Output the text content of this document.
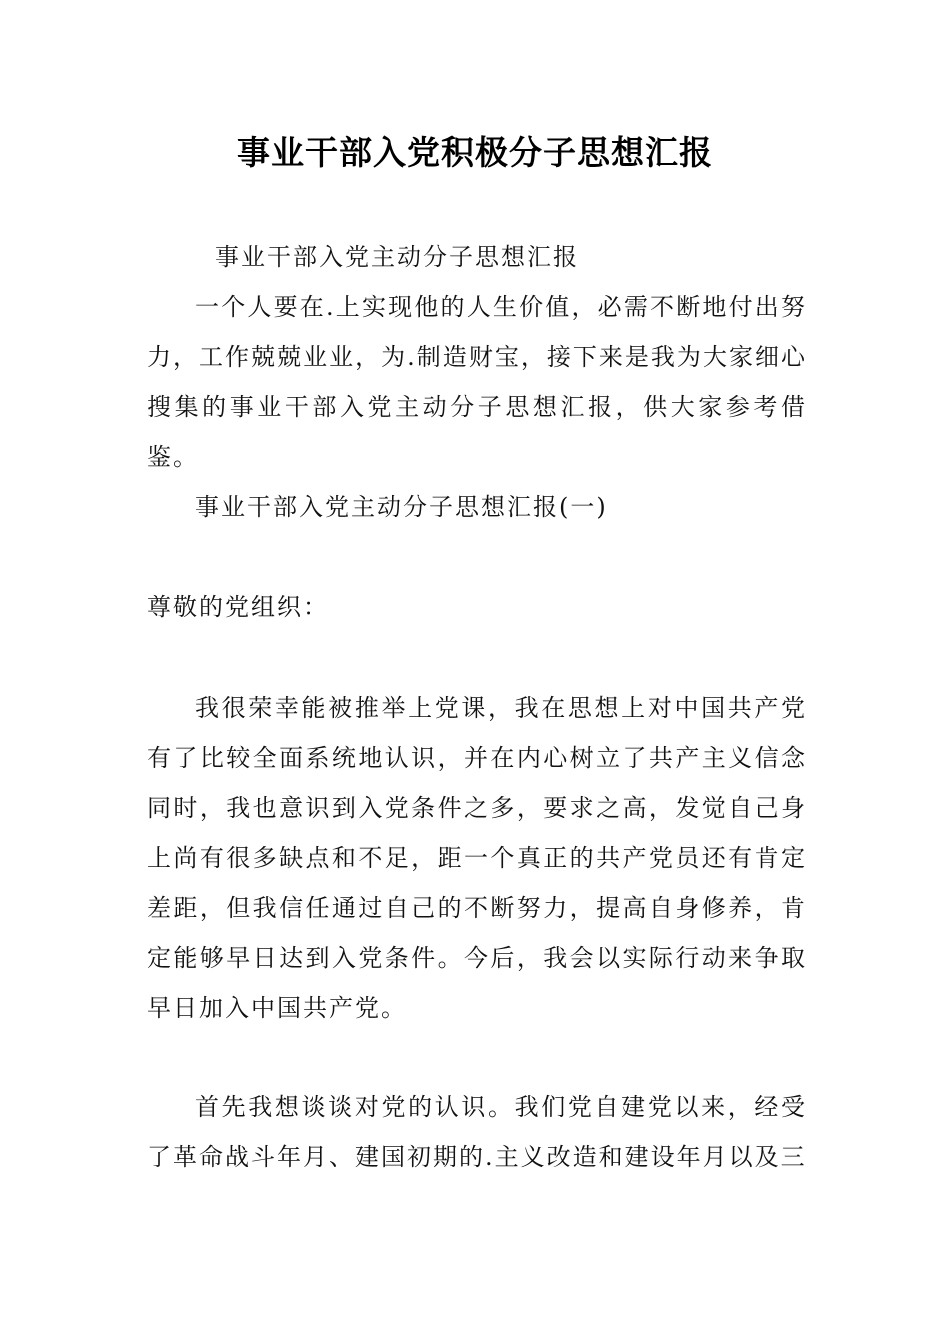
事业干部入党积极分子思想汇报

事业干部入党主动分子思想汇报

一个人要在.上实现他的人生价值，必需不断地付出努力，工作兢兢业业，为.制造财宝，接下来是我为大家细心搜集的事业干部入党主动分子思想汇报，供大家参考借鉴。

事业干部入党主动分子思想汇报(一)

尊敬的党组织：

我很荣幸能被推举上党课，我在思想上对中国共产党有了比较全面系统地认识，并在内心树立了共产主义信念同时，我也意识到入党条件之多，要求之高，发觉自己身上尚有很多缺点和不足，距一个真正的共产党员还有肯定差距，但我信任通过自己的不断努力，提高自身修养，肯定能够早日达到入党条件。今后，我会以实际行动来争取早日加入中国共产党。

首先我想谈谈对党的认识。我们党自建党以来，经受了革命战斗年月、建国初期的.主义改造和建设年月以及三
